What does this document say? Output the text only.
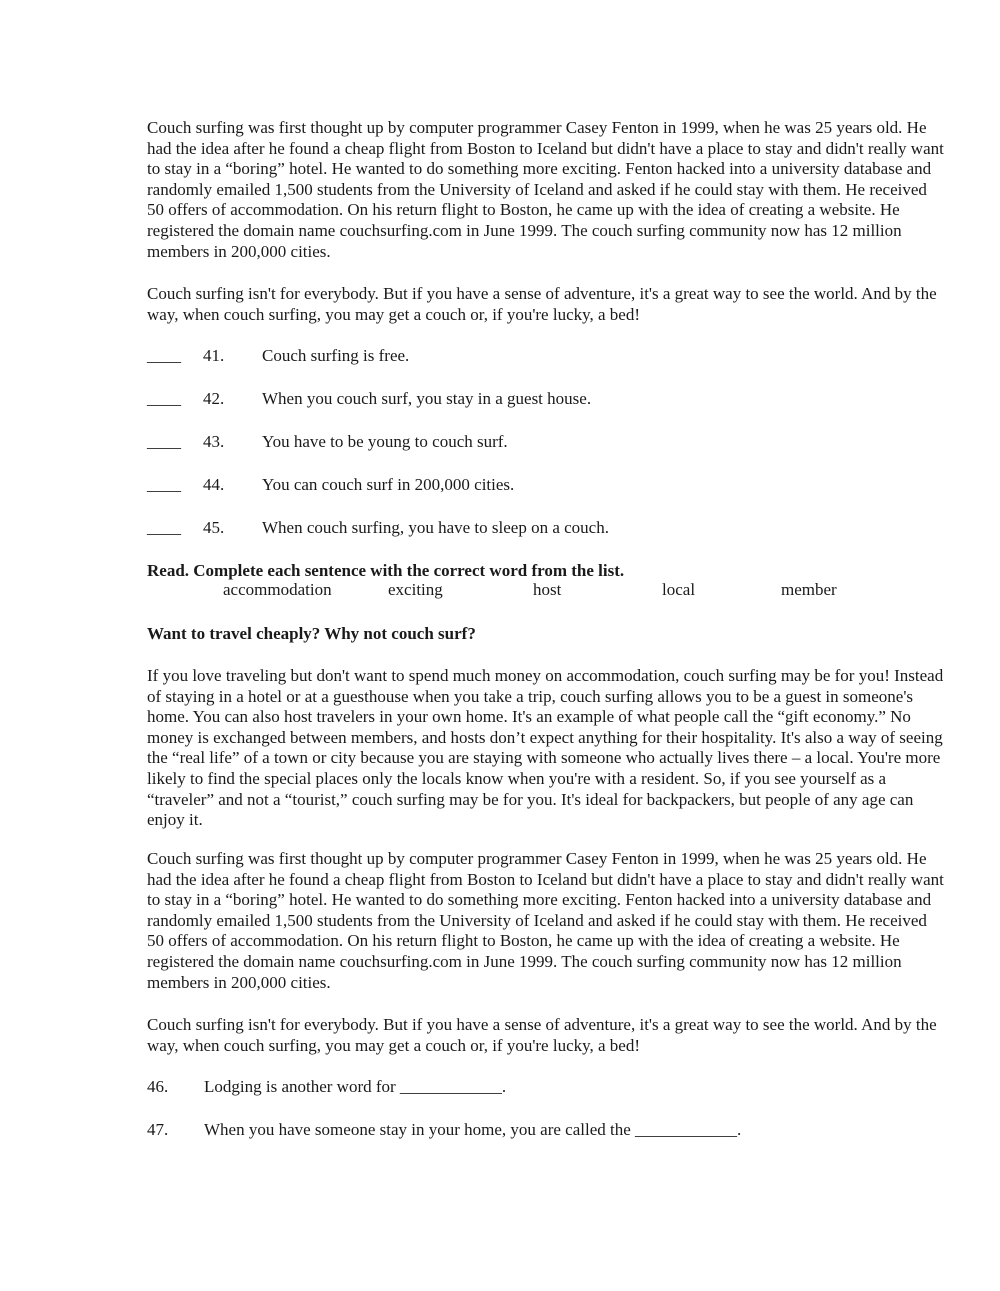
Couch surfing was first thought up by computer programmer Casey Fenton in 1999, when he was 25 years old. He had the idea after he found a cheap flight from Boston to Iceland but didn't have a place to stay and didn't really want to stay in a “boring” hotel. He wanted to do something more exciting. Fenton hacked into a university database and randomly emailed 1,500 students from the University of Iceland and asked if he could stay with them. He received 50 offers of accommodation. On his return flight to Boston, he came up with the idea of creating a website. He registered the domain name couchsurfing.com in June 1999. The couch surfing community now has 12 million members in 200,000 cities.

Couch surfing isn't for everybody. But if you have a sense of adventure, it's a great way to see the world. And by the way, when couch surfing, you may get a couch or, if you're lucky, a bed!

____ 41. Couch surfing is free.
____ 42. When you couch surf, you stay in a guest house.
____ 43. You have to be young to couch surf.
____ 44. You can couch surf in 200,000 cities.
____ 45. When couch surfing, you have to sleep on a couch.

Read. Complete each sentence with the correct word from the list.

accommodation	exciting	host	local	member

Want to travel cheaply? Why not couch surf?

If you love traveling but don't want to spend much money on accommodation, couch surfing may be for you! Instead of staying in a hotel or at a guesthouse when you take a trip, couch surfing allows you to be a guest in someone's home. You can also host travelers in your own home. It's an example of what people call the “gift economy.” No money is exchanged between members, and hosts don’t expect anything for their hospitality. It's also a way of seeing the “real life” of a town or city because you are staying with someone who actually lives there – a local. You're more likely to find the special places only the locals know when you're with a resident. So, if you see yourself as a “traveler” and not a “tourist,” couch surfing may be for you. It's ideal for backpackers, but people of any age can enjoy it.

Couch surfing was first thought up by computer programmer Casey Fenton in 1999, when he was 25 years old. He had the idea after he found a cheap flight from Boston to Iceland but didn't have a place to stay and didn't really want to stay in a “boring” hotel. He wanted to do something more exciting. Fenton hacked into a university database and randomly emailed 1,500 students from the University of Iceland and asked if he could stay with them. He received 50 offers of accommodation. On his return flight to Boston, he came up with the idea of creating a website. He registered the domain name couchsurfing.com in June 1999. The couch surfing community now has 12 million members in 200,000 cities.

Couch surfing isn't for everybody. But if you have a sense of adventure, it's a great way to see the world. And by the way, when couch surfing, you may get a couch or, if you're lucky, a bed!

46. Lodging is another word for ____________.
47. When you have someone stay in your home, you are called the ____________.
